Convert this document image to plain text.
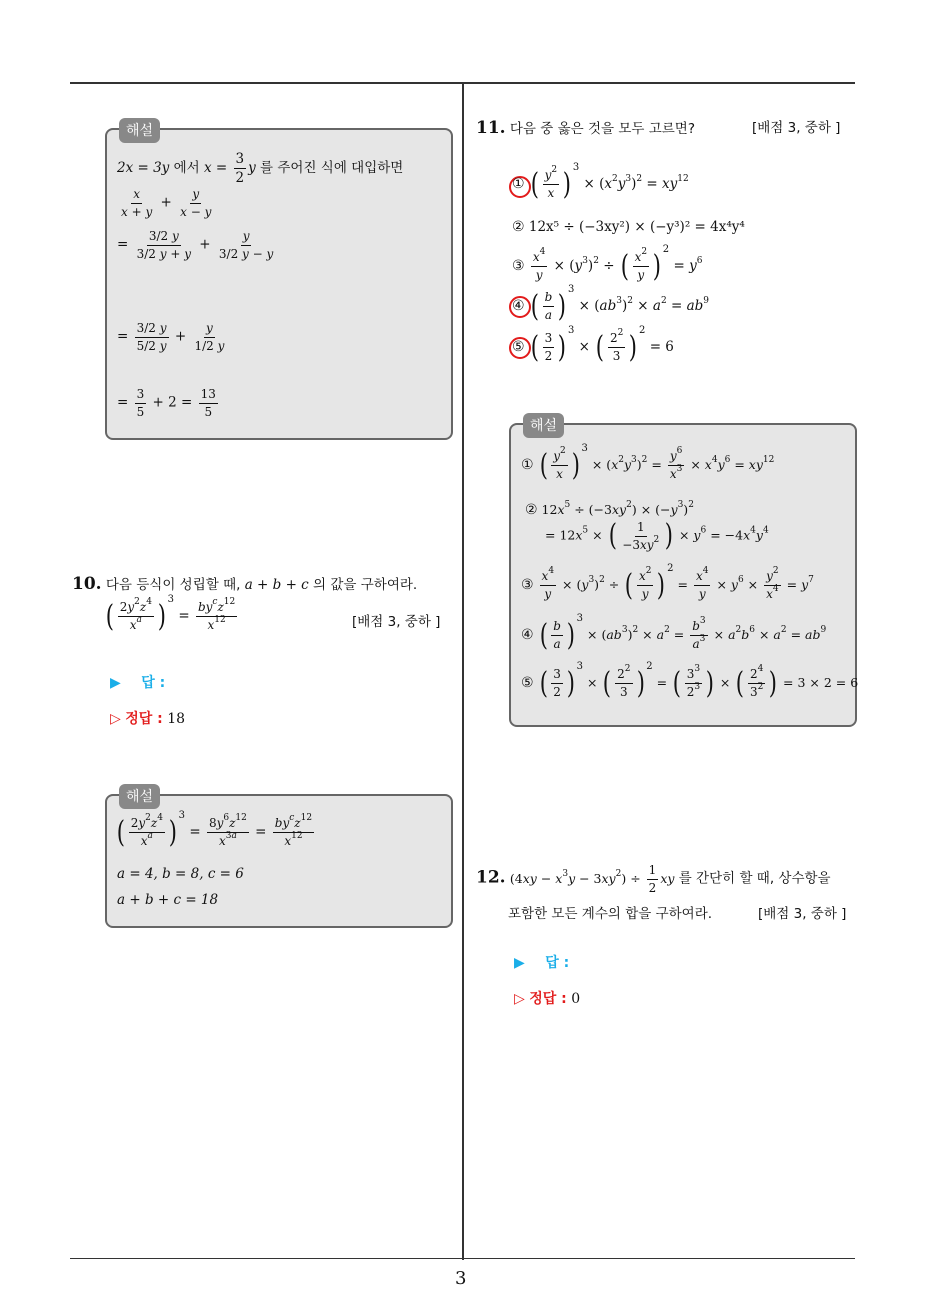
3
해설
2x = 3y 에서 $x = \frac{3}{2}$ y 를 주어진 식에 대입하면
$\frac{x}{x + y} + \frac{y}{x - y}$
= $\frac{3/2 y}{3/2 y + y} + \frac{y}{3/2 y - y}$
= $\frac{3/2 y}{5/2 y} + \frac{y}{1/2 y}$
= $\frac{3}{5} + 2 = \frac{13}{5}$
10. 다음 등식이 성립할 때, a + b + c 의 값을 구하여라.
( $\frac{2y^2z^4}{x^a}$ ) $^3$ =
$by^cz^{12}$
$x^{12}$	[배점 3, 중하 ]
▶ 답 :
▷ 정답 : 18
해설
( $\frac{2y^2z^4}{x^a}$ ) $^3 = \frac{8y^6z^{12}}{x^{3a}}$ =
$by^cz^{12}$
$x^{12}$
a = 4, b = 8, c = 6
a + b + c = 18
11. 다음 중 옳은 것을 모두 고르면?	[배점 3, 중하 ]
① ( $\frac{y^2}{x}$ ) $^3 \times (x^2y^3)^2 = xy^{12}$
② 12x⁵ ÷ (−3xy²) × (−y³)² = 4x⁴y⁴
③ $\frac{x^4}{y} \times (y^3)^2$ ÷ ( $\frac{x^2}{y}$ ) $^2 = y^6$
④ ( $\frac{b}{a}$ ) $^3 \times (ab^3)^2 \times a^2 = ab^9$
⑤ ( $\frac{3}{2}$ ) $^3$ × ( $\frac{2^2}{3}$ ) $^2$ = 6
해설
① ( $\frac{y^2}{x}$ ) $^3 \times (x^2y^3)^2 = \frac{y^6}{x^3} \times x^4y^6 = xy^{12}$
② $12x^5 \div (-3xy^2) \times (-y^3)^2$
= $12x^5$ × ( $\frac{1}{-3xy^2}$ ) × $y^6 = -4x^4y^4$
③ $\frac{x^4}{y} \times (y^3)^2$ ÷ ( $\frac{x^2}{y}$ ) $^2 = \frac{x^4}{y} \times y^6 \times \frac{y^2}{x^4} = y^7$
④ ( $\frac{b}{a}$ ) $^3 \times (ab^3)^2 \times a^2 = \frac{b^3}{a^3} \times a^2b^6 \times a^2 = ab^9$
⑤ ( $\frac{3}{2}$ ) $^3$ × ( $\frac{2^2}{3}$ ) $^2$ = ( $\frac{3^3}{2^3}$ ) × ( $\frac{2^4}{3^2}$ ) = 3 × 2 = 6
12. $(4xy - x^3y - 3xy^2) \div \frac{1}{2}$ xy 를 간단히 할 때, 상수항을
포함한 모든 계수의 합을 구하여라.	[배점 3, 중하 ]
▶ 답 :
▷ 정답 : 0
